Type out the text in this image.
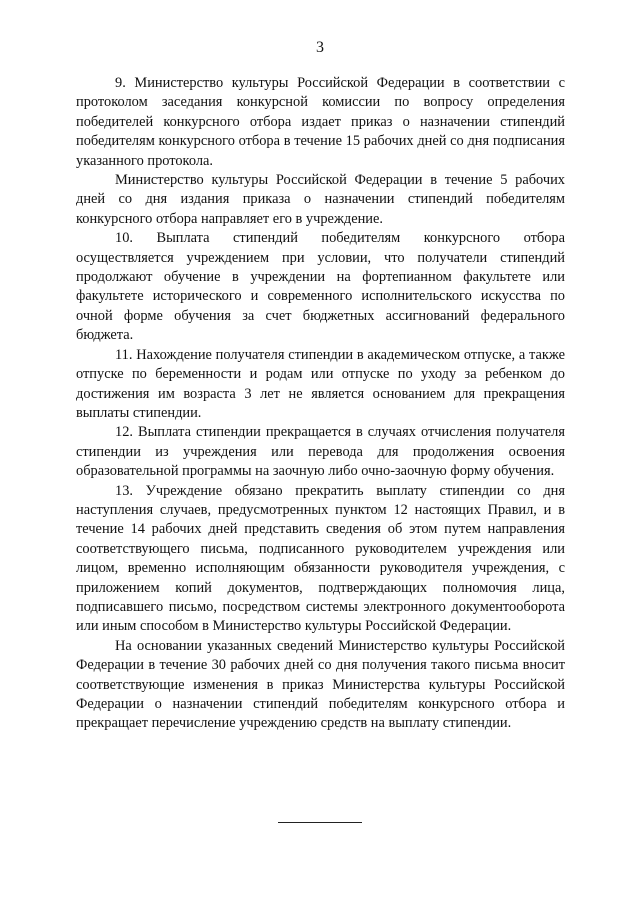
3

9. Министерство культуры Российской Федерации в соответствии с протоколом заседания конкурсной комиссии по вопросу определения победителей конкурсного отбора издает приказ о назначении стипендий победителям конкурсного отбора в течение 15 рабочих дней со дня подписания указанного протокола.

Министерство культуры Российской Федерации в течение 5 рабочих дней со дня издания приказа о назначении стипендий победителям конкурсного отбора направляет его в учреждение.

10. Выплата стипендий победителям конкурсного отбора осуществляется учреждением при условии, что получатели стипендий продолжают обучение в учреждении на фортепианном факультете или факультете исторического и современного исполнительского искусства по очной форме обучения за счет бюджетных ассигнований федерального бюджета.

11. Нахождение получателя стипендии в академическом отпуске, а также отпуске по беременности и родам или отпуске по уходу за ребенком до достижения им возраста 3 лет не является основанием для прекращения выплаты стипендии.

12. Выплата стипендии прекращается в случаях отчисления получателя стипендии из учреждения или перевода для продолжения освоения образовательной программы на заочную либо очно-заочную форму обучения.

13. Учреждение обязано прекратить выплату стипендии со дня наступления случаев, предусмотренных пунктом 12 настоящих Правил, и в течение 14 рабочих дней представить сведения об этом путем направления соответствующего письма, подписанного руководителем учреждения или лицом, временно исполняющим обязанности руководителя учреждения, с приложением копий документов, подтверждающих полномочия лица, подписавшего письмо, посредством системы электронного документооборота или иным способом в Министерство культуры Российской Федерации.

На основании указанных сведений Министерство культуры Российской Федерации в течение 30 рабочих дней со дня получения такого письма вносит соответствующие изменения в приказ Министерства культуры Российской Федерации о назначении стипендий победителям конкурсного отбора и прекращает перечисление учреждению средств на выплату стипендии.
